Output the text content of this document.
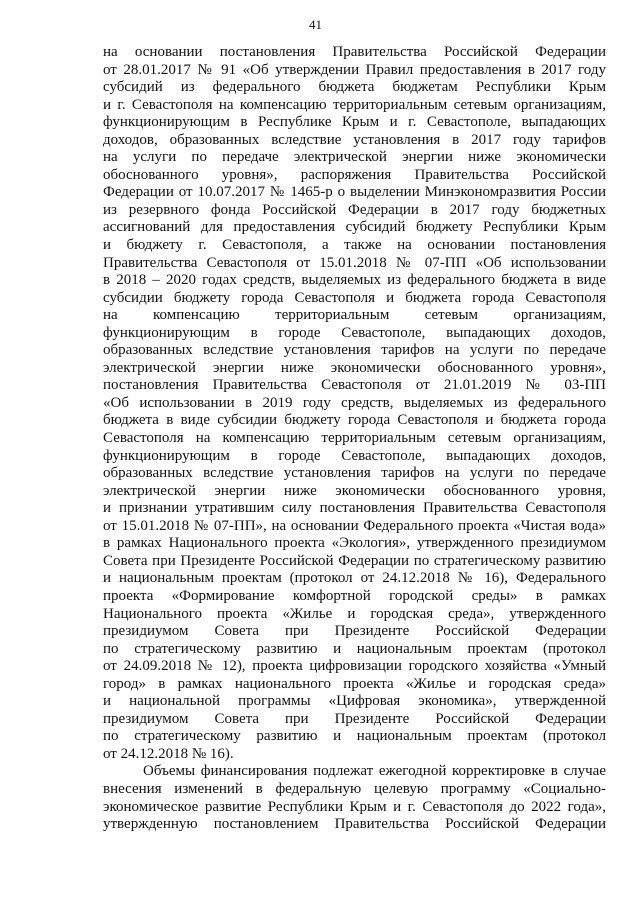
41
на основании постановления Правительства Российской Федерации
от 28.01.2017 № 91 «Об утверждении Правил предоставления в 2017 году
субсидий из федерального бюджета бюджетам Республики Крым
и г. Севастополя на компенсацию территориальным сетевым организациям,
функционирующим в Республике Крым и г. Севастополе, выпадающих
доходов, образованных вследствие установления в 2017 году тарифов
на услуги по передаче электрической энергии ниже экономически
обоснованного уровня», распоряжения Правительства Российской
Федерации от 10.07.2017 № 1465-р о выделении Минэкономразвития России
из резервного фонда Российской Федерации в 2017 году бюджетных
ассигнований для предоставления субсидий бюджету Республики Крым
и бюджету г. Севастополя, а также на основании постановления
Правительства Севастополя от 15.01.2018 № 07-ПП «Об использовании
в 2018 – 2020 годах средств, выделяемых из федерального бюджета в виде
субсидии бюджету города Севастополя и бюджета города Севастополя
на компенсацию территориальным сетевым организациям,
функционирующим в городе Севастополе, выпадающих доходов,
образованных вследствие установления тарифов на услуги по передаче
электрической энергии ниже экономически обоснованного уровня»,
постановления Правительства Севастополя от 21.01.2019 № 03-ПП
«Об использовании в 2019 году средств, выделяемых из федерального
бюджета в виде субсидии бюджету города Севастополя и бюджета города
Севастополя на компенсацию территориальным сетевым организациям,
функционирующим в городе Севастополе, выпадающих доходов,
образованных вследствие установления тарифов на услуги по передаче
электрической энергии ниже экономически обоснованного уровня,
и признании утратившим силу постановления Правительства Севастополя
от 15.01.2018 № 07-ПП», на основании Федерального проекта «Чистая вода»
в рамках Национального проекта «Экология», утвержденного президиумом
Совета при Президенте Российской Федерации по стратегическому развитию
и национальным проектам (протокол от 24.12.2018 № 16), Федерального
проекта «Формирование комфортной городской среды» в рамках
Национального проекта «Жилье и городская среда», утвержденного
президиумом Совета при Президенте Российской Федерации
по стратегическому развитию и национальным проектам (протокол
от 24.09.2018 № 12), проекта цифровизации городского хозяйства «Умный
город» в рамках национального проекта «Жилье и городская среда»
и национальной программы «Цифровая экономика», утвержденной
президиумом Совета при Президенте Российской Федерации
по стратегическому развитию и национальным проектам (протокол
от 24.12.2018 № 16).
Объемы финансирования подлежат ежегодной корректировке в случае
внесения изменений в федеральную целевую программу «Социально-
экономическое развитие Республики Крым и г. Севастополя до 2022 года»,
утвержденную постановлением Правительства Российской Федерации
